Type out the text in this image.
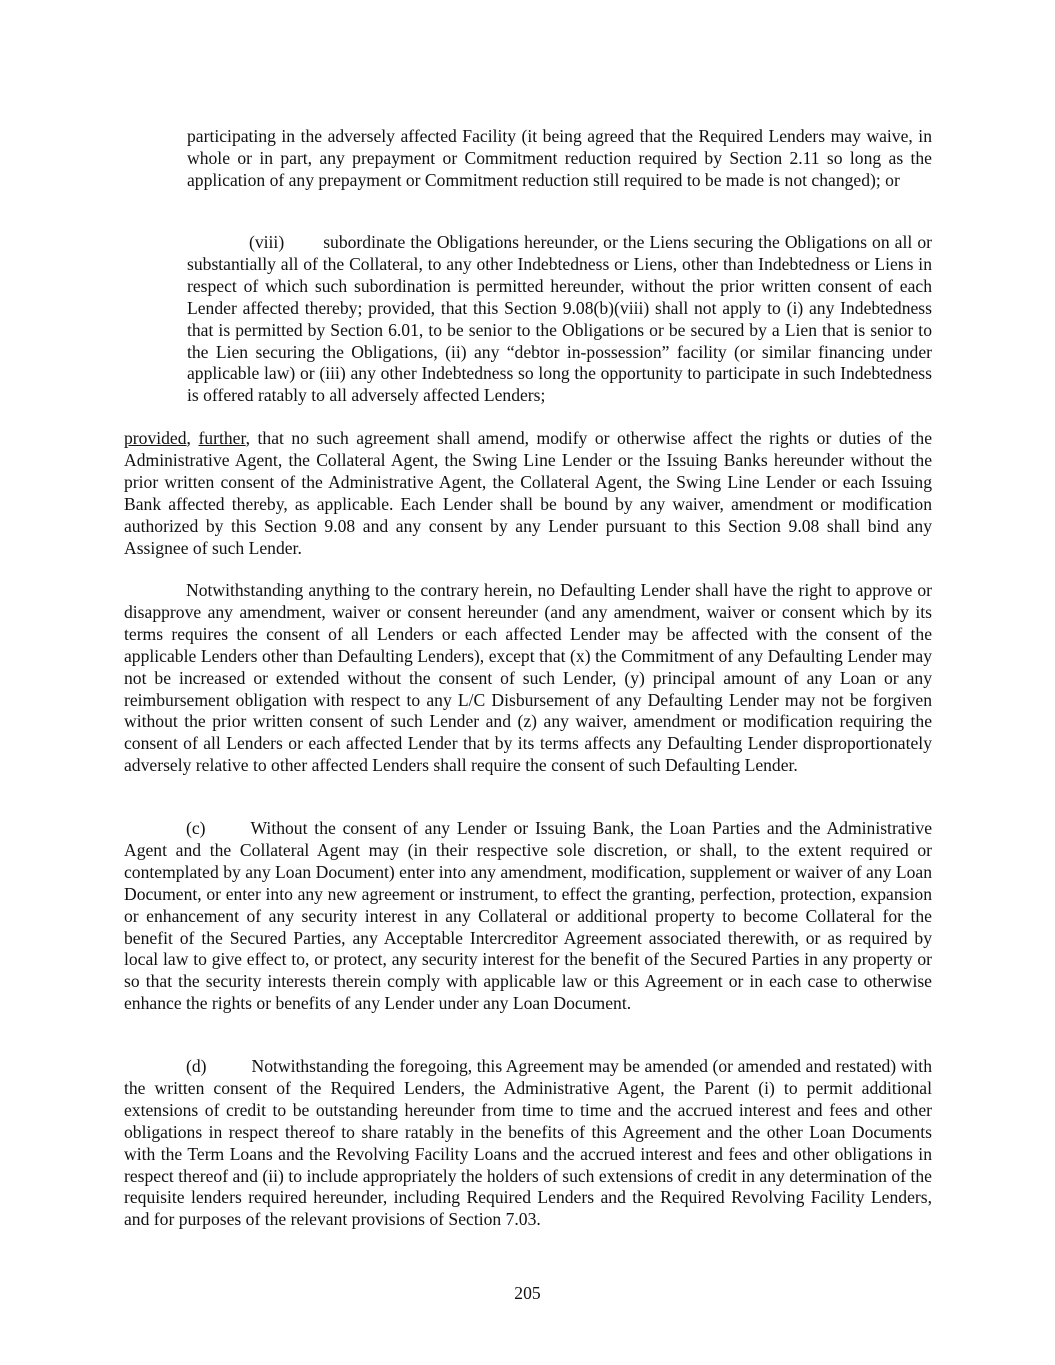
participating in the adversely affected Facility (it being agreed that the Required Lenders may waive, in whole or in part, any prepayment or Commitment reduction required by Section 2.11 so long as the application of any prepayment or Commitment reduction still required to be made is not changed); or

(viii) subordinate the Obligations hereunder, or the Liens securing the Obligations on all or substantially all of the Collateral, to any other Indebtedness or Liens, other than Indebtedness or Liens in respect of which such subordination is permitted hereunder, without the prior written consent of each Lender affected thereby; provided, that this Section 9.08(b)(viii) shall not apply to (i) any Indebtedness that is permitted by Section 6.01, to be senior to the Obligations or be secured by a Lien that is senior to the Lien securing the Obligations, (ii) any “debtor in-possession” facility (or similar financing under applicable law) or (iii) any other Indebtedness so long the opportunity to participate in such Indebtedness is offered ratably to all adversely affected Lenders;

provided, further, that no such agreement shall amend, modify or otherwise affect the rights or duties of the Administrative Agent, the Collateral Agent, the Swing Line Lender or the Issuing Banks hereunder without the prior written consent of the Administrative Agent, the Collateral Agent, the Swing Line Lender or each Issuing Bank affected thereby, as applicable. Each Lender shall be bound by any waiver, amendment or modification authorized by this Section 9.08 and any consent by any Lender pursuant to this Section 9.08 shall bind any Assignee of such Lender.

Notwithstanding anything to the contrary herein, no Defaulting Lender shall have the right to approve or disapprove any amendment, waiver or consent hereunder (and any amendment, waiver or consent which by its terms requires the consent of all Lenders or each affected Lender may be affected with the consent of the applicable Lenders other than Defaulting Lenders), except that (x) the Commitment of any Defaulting Lender may not be increased or extended without the consent of such Lender, (y) principal amount of any Loan or any reimbursement obligation with respect to any L/C Disbursement of any Defaulting Lender may not be forgiven without the prior written consent of such Lender and (z) any waiver, amendment or modification requiring the consent of all Lenders or each affected Lender that by its terms affects any Defaulting Lender disproportionately adversely relative to other affected Lenders shall require the consent of such Defaulting Lender.

(c)	Without the consent of any Lender or Issuing Bank, the Loan Parties and the Administrative Agent and the Collateral Agent may (in their respective sole discretion, or shall, to the extent required or contemplated by any Loan Document) enter into any amendment, modification, supplement or waiver of any Loan Document, or enter into any new agreement or instrument, to effect the granting, perfection, protection, expansion or enhancement of any security interest in any Collateral or additional property to become Collateral for the benefit of the Secured Parties, any Acceptable Intercreditor Agreement associated therewith, or as required by local law to give effect to, or protect, any security interest for the benefit of the Secured Parties in any property or so that the security interests therein comply with applicable law or this Agreement or in each case to otherwise enhance the rights or benefits of any Lender under any Loan Document.

(d)	Notwithstanding the foregoing, this Agreement may be amended (or amended and restated) with the written consent of the Required Lenders, the Administrative Agent, the Parent (i) to permit additional extensions of credit to be outstanding hereunder from time to time and the accrued interest and fees and other obligations in respect thereof to share ratably in the benefits of this Agreement and the other Loan Documents with the Term Loans and the Revolving Facility Loans and the accrued interest and fees and other obligations in respect thereof and (ii) to include appropriately the holders of such extensions of credit in any determination of the requisite lenders required hereunder, including Required Lenders and the Required Revolving Facility Lenders, and for purposes of the relevant provisions of Section 7.03.

205
